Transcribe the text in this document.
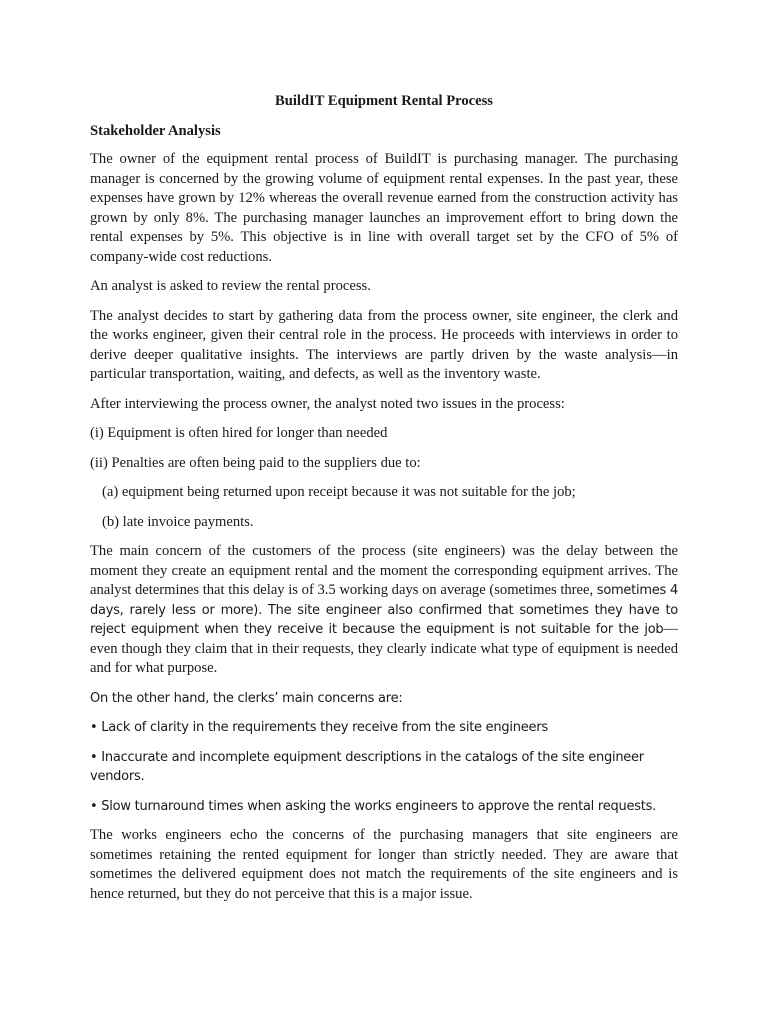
BuildIT Equipment Rental Process
Stakeholder Analysis

The owner of the equipment rental process of BuildIT is purchasing manager. The purchasing manager is concerned by the growing volume of equipment rental expenses. In the past year, these expenses have grown by 12% whereas the overall revenue earned from the construction activity has grown by only 8%. The purchasing manager launches an improvement effort to bring down the rental expenses by 5%. This objective is in line with overall target set by the CFO of 5% of company-wide cost reductions.

An analyst is asked to review the rental process.

The analyst decides to start by gathering data from the process owner, site engineer, the clerk and the works engineer, given their central role in the process. He proceeds with interviews in order to derive deeper qualitative insights. The interviews are partly driven by the waste analysis—in particular transportation, waiting, and defects, as well as the inventory waste.

After interviewing the process owner, the analyst noted two issues in the process:

(i) Equipment is often hired for longer than needed

(ii) Penalties are often being paid to the suppliers due to:

(a) equipment being returned upon receipt because it was not suitable for the job;

(b) late invoice payments.

The main concern of the customers of the process (site engineers) was the delay between the moment they create an equipment rental and the moment the corresponding equipment arrives. The analyst determines that this delay is of 3.5 working days on average (sometimes three, sometimes 4 days, rarely less or more). The site engineer also confirmed that sometimes they have to reject equipment when they receive it because the equipment is not suitable for the job—even though they claim that in their requests, they clearly indicate what type of equipment is needed and for what purpose.

On the other hand, the clerks’ main concerns are:

• Lack of clarity in the requirements they receive from the site engineers

• Inaccurate and incomplete equipment descriptions in the catalogs of the site engineer vendors.

• Slow turnaround times when asking the works engineers to approve the rental requests.

The works engineers echo the concerns of the purchasing managers that site engineers are sometimes retaining the rented equipment for longer than strictly needed. They are aware that sometimes the delivered equipment does not match the requirements of the site engineers and is hence returned, but they do not perceive that this is a major issue.
